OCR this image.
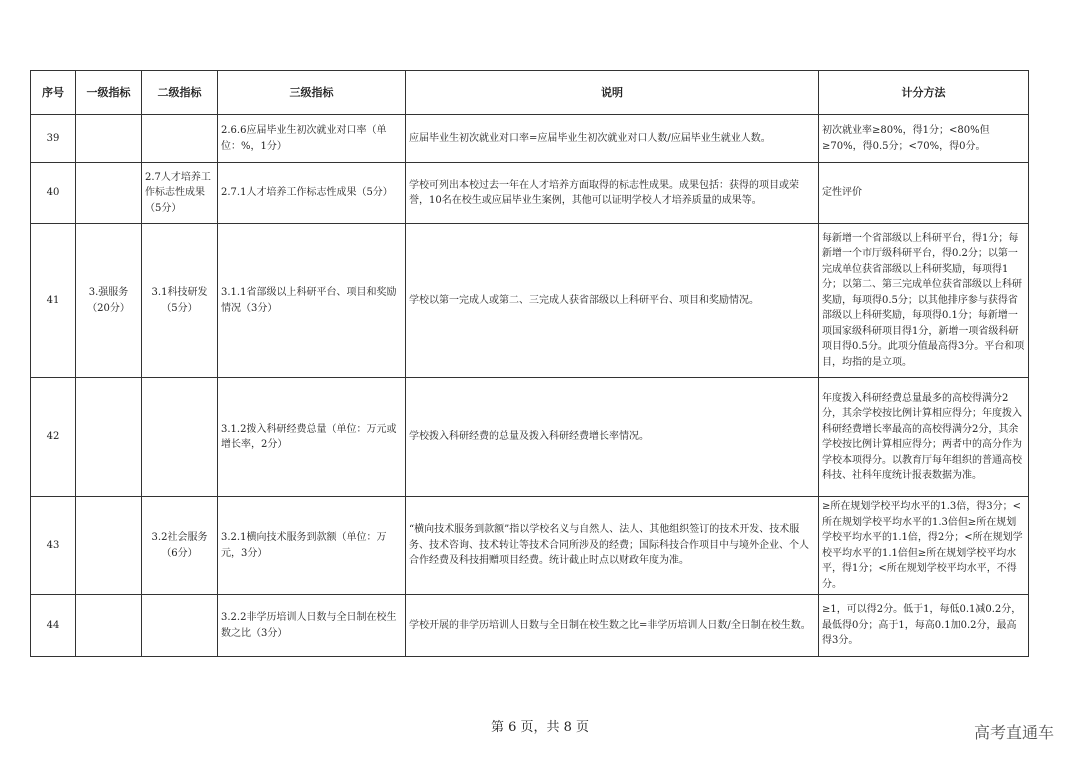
序号	一级指标	二级指标	三级指标	说明	计分方法
39			2.6.6应届毕业生初次就业对口率（单位：%，1分）	应届毕业生初次就业对口率=应届毕业生初次就业对口人数/应届毕业生就业人数。	初次就业率≥80%，得1分；<80%但≥70%，得0.5分；<70%，得0分。
40		2.7人才培养工作标志性成果（5分）	2.7.1人才培养工作标志性成果（5分）	学校可列出本校过去一年在人才培养方面取得的标志性成果。成果包括：获得的项目或荣誉，10名在校生或应届毕业生案例，其他可以证明学校人才培养质量的成果等。	定性评价
41	3.强服务（20分）	3.1科技研发（5分）	3.1.1省部级以上科研平台、项目和奖励情况（3分）	学校以第一完成人或第二、三完成人获省部级以上科研平台、项目和奖励情况。	每新增一个省部级以上科研平台，得1分；每新增一个市厅级科研平台，得0.2分；以第一完成单位获省部级以上科研奖励，每项得1分；以第二、第三完成单位获省部级以上科研奖励，每项得0.5分；以其他排序参与获得省部级以上科研奖励，每项得0.1分；每新增一项国家级科研项目得1分，新增一项省级科研项目得0.5分。此项分值最高得3分。平台和项目，均指的是立项。
42			3.1.2拨入科研经费总量（单位：万元或增长率，2分）	学校拨入科研经费的总量及拨入科研经费增长率情况。	年度拨入科研经费总量最多的高校得满分2分，其余学校按比例计算相应得分；年度拨入科研经费增长率最高的高校得满分2分，其余学校按比例计算相应得分；两者中的高分作为学校本项得分。以教育厅每年组织的普通高校科技、社科年度统计报表数据为准。
43		3.2社会服务（6分）	3.2.1横向技术服务到款额（单位：万元，3分）	“横向技术服务到款额”指以学校名义与自然人、法人、其他组织签订的技术开发、技术服务、技术咨询、技术转让等技术合同所涉及的经费；国际科技合作项目中与境外企业、个人合作经费及科技捐赠项目经费。统计截止时点以财政年度为准。	≥所在规划学校平均水平的1.3倍，得3分；<所在规划学校平均水平的1.3倍但≥所在规划学校平均水平的1.1倍，得2分；<所在规划学校平均水平的1.1倍但≥所在规划学校平均水平，得1分；<所在规划学校平均水平，不得分。
44			3.2.2非学历培训人日数与全日制在校生数之比（3分）	学校开展的非学历培训人日数与全日制在校生数之比=非学历培训人日数/全日制在校生数。	≥1，可以得2分。低于1，每低0.1减0.2分，最低得0分；高于1，每高0.1加0.2分，最高得3分。
第 6 页，共 8 页	高考直通车
